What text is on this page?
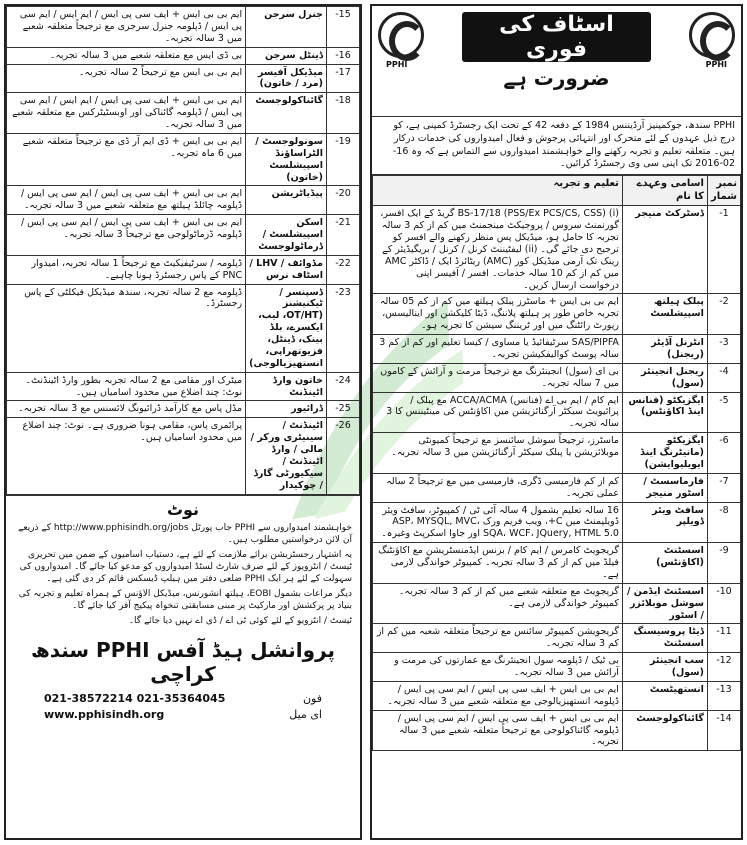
15-	جنرل سرجن	ایم بی بی ایس + ایف سی پی ایس / ایم ایس / ایم سی پی ایس / ڈپلومہ جنرل سرجری مع ترجیحاً متعلقہ شعبے میں 3 سالہ تجربہ۔
16-	ڈینٹل سرجن	بی ڈی ایس مع متعلقہ شعبے میں 3 سالہ تجربہ۔
17-	میڈیکل آفیسر (مرد / خاتون)	ایم بی بی ایس مع ترجیحاً 2 سالہ تجربہ۔
18-	گائناکولوجسٹ	ایم بی بی ایس + ایف سی پی ایس / ایم ایس / ایم سی پی ایس / ڈپلومہ گائناکی اور اوبسٹیٹرکس مع متعلقہ شعبے میں 3 سالہ تجربہ۔
19-	سونولوجسٹ / الٹراساؤنڈ اسپیشلسٹ (خاتون)	ایم بی بی ایس + ڈی ایم آر ڈی مع ترجیحاً متعلقہ شعبے میں 6 ماہ تجربہ۔
20-	پیڈیاٹریشن	ایم بی بی ایس + ایف سی پی ایس / ایم سی پی ایس / ڈپلومہ چائلڈ ہیلتھ مع متعلقہ شعبے میں 3 سالہ تجربہ۔
21-	اسکن اسپیشلسٹ / ڈرماٹولوجسٹ	ایم بی بی ایس + ایف سی پی ایس / ایم سی پی ایس / ڈپلومہ ڈرماٹولوجی مع ترجیحاً 3 سالہ تجربہ۔
22-	مڈوائف / LHV / اسٹاف نرس	ڈپلومہ / سرٹیفیکیٹ مع ترجیحاً 1 سالہ تجربہ، امیدوار PNC کے پاس رجسٹرڈ ہونا چاہیے۔
23-	ڈسپنسر / ٹیکنیشنز (OT/HT، لیب، ایکسرے، بلڈ بینک، ڈینٹل، فزیوتھراپی، انستھیزیالوجی)	ڈپلومہ مع 2 سالہ تجربہ، سندھ میڈیکل فیکلٹی کے پاس رجسٹرڈ۔
24-	خاتون وارڈ اٹینڈنٹ	میٹرک اور مقامی مع 2 سالہ تجربہ بطور وارڈ اٹینڈنٹ۔ نوٹ: چند اضلاع میں محدود اسامیاں ہیں۔
25-	ڈرائیور	مڈل پاس مع کارآمد ڈرائیونگ لائسنس مع 3 سالہ تجربہ۔
26-	اٹینڈنٹ / سینیٹری ورکر / مالی / وارڈ اٹینڈنٹ / سیکیورٹی گارڈ / چوکیدار	پرائمری پاس، مقامی ہونا ضروری ہے۔ نوٹ: چند اضلاع میں محدود اسامیاں ہیں۔
نوٹ

خواہشمند امیدواروں سے PPHI جاب پورٹل http://www.pphisindh.org/jobs کے ذریعے آن لائن درخواستیں مطلوب ہیں۔

یہ اشتہار رجسٹریشن برائے ملازمت کے لئے ہے، دستیاب اسامیوں کے ضمن میں تحریری ٹیسٹ / انٹرویوز کے لئے صرف شارٹ لسٹڈ امیدواروں کو مدعو کیا جائے گا۔ امیدواروں کی سہولت کے لئے ہر ایک PPHI ضلعی دفتر میں ہیلپ ڈیسکس قائم کر دی گئی ہے۔

دیگر مراعات بشمول EOBI، ہیلتھ انشورنس، میڈیکل الاؤنس کے ہمراہ تعلیم و تجربہ کی بنیاد پر پرکشش اور مارکیٹ پر مبنی مسابقتی تنخواہ پیکیج آفر کیا جائے گا۔

ٹیسٹ / انٹرویو کے لئے کوئی ٹی اے / ڈی اے نہیں دیا جائے گا۔

پروانشل ہیڈ آفس PPHI سندھ کراچی
021-38572214 021-35364045	فون
www.pphisindh.org	ای میل
PPHI	PPHI
اسٹاف کی فوری
ضرورت ہے
PPHI سندھ، جوکمپنیز آرڈیننس 1984 کے دفعہ 42 کے تحت ایک رجسٹرڈ کمپنی ہے، کو درج ذیل عہدوں کے لئے متحرک اور انتہائی پرجوش و فعال امیدواروں کی خدمات درکار ہیں۔ متعلقہ تعلیم و تجربہ رکھنے والے خواہشمند امیدواروں سے التماس ہے کہ وہ 16-02-2016 تک اپنی سی وی رجسٹرڈ کرائیں۔
نمبر شمار	اسامی وعہدے کا نام	تعلیم و تجربہ
1-	ڈسٹرکٹ منیجر	(i) BS-17/18 (PSS/Ex PCS/CS, CSS) گریڈ کے ایک افسر، گورنمنٹ سروس / پروجیکٹ مینجمنٹ میں کم از کم 3 سالہ تجربہ کا حامل ہو، میڈیکل پس منظر رکھنے والے افسر کو ترجیح دی جائے گی۔ (ii) لیفٹیننٹ کرنل / کرنل / بریگیڈیئر کے رینک تک آرمی میڈیکل کور (AMC) ریٹائرڈ ایک / ڈاکٹر AMC میں کم از کم 10 سالہ خدمات۔ افسر / آفیسر اپنی درخواست ارسال کریں۔
2-	پبلک ہیلتھ اسپیشلسٹ	ایم بی بی ایس + ماسٹرز پبلک ہیلتھ میں کم از کم 05 سالہ تجربہ خاص طور پر ہیلتھ پلاننگ، ڈیٹا کلیکشن اور اینالیسس، رپورٹ رائٹنگ میں اور ٹریننگ سیشن کا تجربہ ہو۔
3-	انٹرنل آڈیٹر (ریجنل)	SAS/PIPFA سرٹیفائیڈ یا مساوی / کیسا تعلیم اور کم از کم 3 سالہ پوسٹ کوالیفکیشن تجربہ۔
4-	ریجنل انجینئر (سول)	بی ای (سول) انجینئرنگ مع ترجیحاً مرمت و آرائش کے کاموں میں 7 سالہ تجربہ۔
5-	ایگزیکٹو (فنانس اینڈ اکاؤنٹس)	ایم کام / ایم بی اے (فنانس) ACCA/ACMA مع پبلک / پرائیویٹ سیکٹر آرگنائزیشن میں اکاؤنٹس کی مینٹیننس کا 3 سالہ تجربہ۔
6-	ایگزیکٹو (مانیٹرنگ اینڈ ایویلیوایشن)	ماسٹرز، ترجیحاً سوشل سائنسز مع ترجیحاً کمیونٹی موبلائزیشن یا پبلک سیکٹر آرگنائزیشن میں 3 سالہ تجربہ۔
7-	فارماسسٹ / اسٹور منیجر	کم از کم فارمیسی ڈگری، فارمیسی میں مع ترجیحاً 2 سالہ عملی تجربہ۔
8-	سافٹ ویئر ڈویلپر	16 سالہ تعلیم بشمول 4 سالہ آئی ٹی / کمپیوٹر، سافٹ ویئر ڈویلپمنٹ میں C+، ویب فریم ورک ASP، MYSQL, MVC، SQA، WCF، JQuery, HTML 5.0 اور جاوا اسکرپٹ وغیرہ۔
9-	اسسٹنٹ (اکاؤنٹس)	گریجویٹ کامرس / ایم کام / بزنس ایڈمنسٹریشن مع اکاؤنٹنگ فیلڈ میں کم از کم 3 سالہ تجربہ۔ کمپیوٹر خواندگی لازمی ہے۔
10-	اسسٹنٹ ایڈمن / سوشل موبلائزر / اسٹور	گریجویٹ مع متعلقہ شعبے میں کم از کم 3 سالہ تجربہ۔ کمپیوٹر خواندگی لازمی ہے۔
11-	ڈیٹا پروسیسنگ اسسٹنٹ	گریجویشن کمپیوٹر سائنس مع ترجیحاً متعلقہ شعبہ میں کم از کم 3 سالہ تجربہ۔
12-	سب انجینئر (سول)	بی ٹیک / ڈپلومہ سول انجینئرنگ مع عمارتوں کی مرمت و آرائش میں 3 سالہ تجربہ۔
13-	انستھیٹسٹ	ایم بی بی ایس + ایف سی پی ایس / ایم سی پی ایس / ڈپلومہ انستھیزیالوجی مع متعلقہ شعبے میں 3 سالہ تجربہ۔
14-	گائناکولوجسٹ	ایم بی بی ایس + ایف سی پی ایس / ایم سی پی ایس / ڈپلومہ گائناکولوجی مع ترجیحاً متعلقہ شعبے میں 3 سالہ تجربہ۔
